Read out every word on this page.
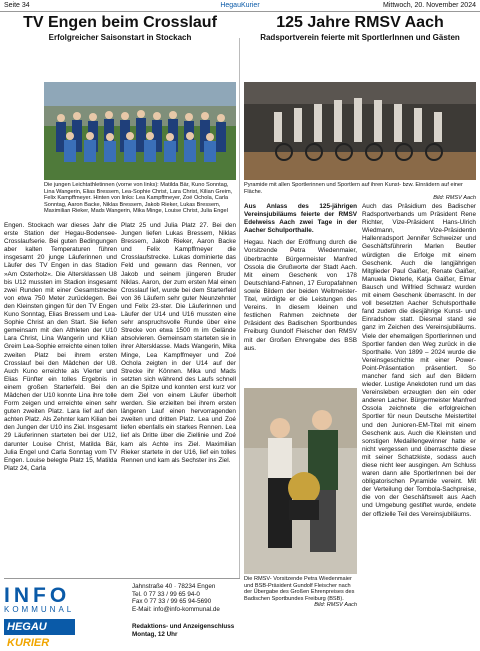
Seite 34	HegauKurier	Mittwoch, 20. November 2024
TV Engen beim Crosslauf
Erfolgreicher Saisonstart in Stockach
Die jungen Leichtathletinnen (vorne von links): Matilda Bär, Kuno Sonntag, Lina Wangerin, Elias Bressem, Lea-Sophie Christ, Lara Christ, Kilian Greim, Felix Kampffmeyer. Hinten von links: Lea Kampffmeyer, Zoé Ochola, Carla Sonntag, Aaron Backe, Niklas Bressem, Jakob Rieker, Lukas Bressem, Maximilian Rieker, Mads Wangerin, Mika Minge, Louise Christ, Julia Engel
Engen. Stockach war dieses Jahr die erste Station der Hegau-Bodensee-Crosslaufserie. Bei guten Bedingungen aber kalten Temperaturen führen insgesamt 20 junge Läuferinnen und Läufer des TV Engen in das Stadion »Am Osterholz«. Die Altersklassen U8 bis U12 mussten im Stadion insgesamt zwei Runden mit einer Gesamtstrecke von etwa 750 Meter zurücklegen. Bei den Kleinsten gingen für den TV Engen Kuno Sonntag, Elias Bressem und Lea-Sophie Christ an den Start. Sie liefen gemeinsam mit den Athleten der U10 Lara Christ, Lina Wangerin und Kilian Greim Lea-Sophie erreichte einen tollen zweiten Platz bei ihrem ersten Crosslauf bei den Mädchen der U8. Auch Kuno erreichte als Vierter und Elias Fünfter ein tolles Ergebnis in einem großen Starterfeld. Bei den Mädchen der U10 konnte Lina ihre tolle Form zeigen und erreichte einen sehr guten zweiten Platz. Lara lief auf den achten Platz. Als Zehnter kam Kilian bei den Jungen der U10 ins Ziel. Insgesamt 29 Läuferinnen starteten bei der U12, darunter Louise Christ, Matilda Bär, Julia Engel und Carla Sonntag vom TV Engen. Louise belegte Platz 15, Matilda Platz 24, Carla
Platz 25 und Julia Platz 27. Bei den Jungen liefen Lukas Bressem, Niklas Bressem, Jakob Rieker, Aaron Backe und Felix Kampffmeyer die Crosslaufstrecke. Lukas dominierte das Feld und gewann das Rennen, vor Jakob und seinem jüngeren Bruder Niklas. Aaron, der zum ersten Mal einen Crosslauf lief, wurde bei dem Starterfeld von 36 Läufern sehr guter Neunzehnter und Felix 23-ster. Die Läuferinnen und Läufer der U14 und U16 mussten eine sehr anspruchsvolle Runde über eine Strecke von etwa 1500 m im Gelände absolvieren. Gemeinsam starteten sie in ihrer Altersklasse. Mads Wangerin, Mika Minge, Lea Kampffmeyer und Zoé Ochola zeigten in der U14 auf der Strecke ihr Können. Mika und Mads setzten sich während des Laufs schnell an die Spitze und konnten erst kurz vor dem Ziel von einem Läufer überholt werden. Sie erzielten bei ihrem ersten längeren Lauf einen hervorragenden zweiten und dritten Platz. Lea und Zoé liefen ebenfalls ein starkes Rennen. Lea lief als Dritte über die Ziellinie und Zoé kam als Achte ins Ziel. Maximilian Rieker startete in der U16, lief ein tolles Rennen und kam als Sechster ins Ziel.
INFO
KOMMUNAL
HEGAU KURIER
Jahnstraße 40 · 78234 Engen
Tel. 0 77 33 / 99 65 94-0
Fax 0 77 33 / 99 65 94-5690
E-Mail: info@info-kommunal.de
Redaktions- und Anzeigenschluss
Montag, 12 Uhr
125 Jahre RMSV Aach
Radsportverein feierte mit SportlerInnen und Gästen
Pyramide mit allen Sportlerinnen und Sportlern auf ihren Kunst- bzw. Einrädern auf einer Fläche.
Bild: RMSV Aach
Aus Anlass des 125-jährigen Vereinsjubiläums feierte der RMSV Edelweiss Aach zwei Tage in der Aacher Schulporthalle.
Hegau. Nach der Eröffnung durch die Vorsitzende Petra Wiedenmaier, überbrachte Bürgermeister Manfred Ossola die Grußworte der Stadt Aach. Mit einem Geschenk von 178 Deutschland-Fahnen, 17 Europafahnen sowie Bildern der beiden Weltmeister-Titel, würdigte er die Leistungen des Vereins. In diesem kleinen und festlichen Rahmen zeichnete der Präsident des Badischen Sportbundes Freiburg Gundolf Fleischer den RMSV mit der Großen Ehrengabe des BSB aus.
Die RMSV- Vorsitzende Petra Wiedenmaier und BSB-Präsident Gundolf Fleischer nach der Übergabe des Großen Ehrenpreises des Badischen Sportbundes Freiburg (BSB).
Bild: RMSV Aach
Auch das Präsidium des Badischer Radsportverbands um Präsident Rene Richter, Vize-Präsident Hans-Ulrich Wiedmann, Vize-Präsidentin Hallenradsport Jennifer Schweizer und Geschäftsführerin Marlen Beutler würdigten die Erfolge mit einem Geschenk. Auch die langjährigen Mitglieder Paul Gaißer, Renate Gaißer, Manuela Dieterle, Katja Gaißer, Elmar Bausch und Wilfried Schwarz wurden mit einem Geschenk überrascht. In der voll besetzten Aacher Schulsporthalle fand zudem die diesjährige Kunst- und Einradshow statt. Diesmal stand sie ganz im Zeichen des Vereinsjubiläums. Viele der ehemaligen Sportlerinnen und Sportler fanden den Weg zurück in die Sporthalle. Von 1899 – 2024 wurde die Vereinsgeschichte mit einer Power-Point-Präsentation präsentiert. So mancher fand sich auf den Bildern wieder. Lustige Anekdoten rund um das Vereinsleben erzeugten den ein oder anderen Lacher. Bürgermeister Manfred Ossola zeichnete die erfolgreichen Sportler für neun Deutsche Meistertitel und den Junioren-EM-Titel mit einem Geschenk aus. Auch die Kleinsten und sonstigen Medaillengewinner hatte er nicht vergessen und überraschte diese mit seiner Schatzkiste, sodass auch diese nicht leer ausgingen. Am Schluss waren dann alle SportlerInnen bei der obligatorischen Pyramide vereint. Mit der Verteilung der Tombola-Sachpreise, die von der Geschäftswelt aus Aach und Umgebung gestiftet wurde, endete der offizielle Teil des Vereinsjubiläums.
